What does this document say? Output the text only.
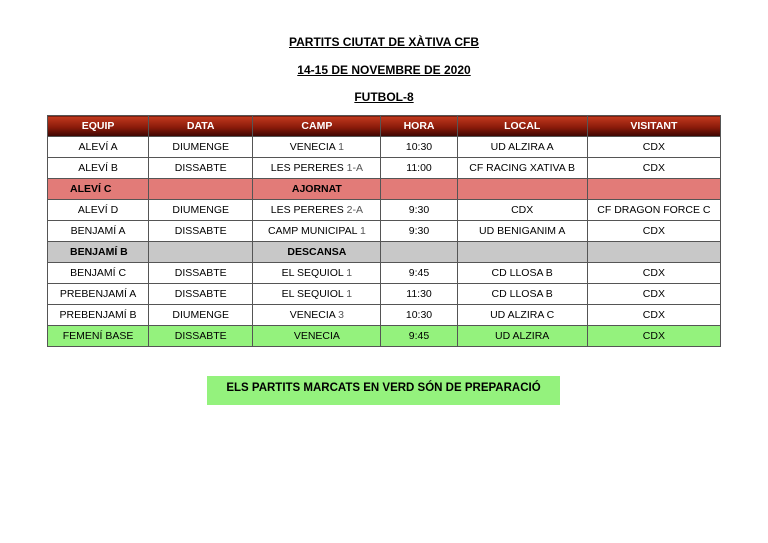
PARTITS CIUTAT DE XÀTIVA CFB
14-15 DE NOVEMBRE DE 2020
FUTBOL-8
EQUIP	DATA	CAMP	HORA	LOCAL	VISITANT
ALEVÍ A	DIUMENGE	VENECIA 1	10:30	UD ALZIRA A	CDX
ALEVÍ B	DISSABTE	LES PERERES 1-A	11:00	CF RACING XATIVA B	CDX
ALEVÍ C		AJORNAT			
ALEVÍ D	DIUMENGE	LES PERERES 2-A	9:30	CDX	CF DRAGON FORCE C
BENJAMÍ A	DISSABTE	CAMP MUNICIPAL 1	9:30	UD BENIGANIM A	CDX
BENJAMÍ B		DESCANSA			
BENJAMÍ C	DISSABTE	EL SEQUIOL 1	9:45	CD LLOSA B	CDX
PREBENJAMÍ A	DISSABTE	EL SEQUIOL 1	11:30	CD LLOSA B	CDX
PREBENJAMÍ B	DIUMENGE	VENECIA 3	10:30	UD ALZIRA C	CDX
FEMENÍ BASE	DISSABTE	VENECIA	9:45	UD ALZIRA	CDX
ELS PARTITS MARCATS EN VERD SÓN DE PREPARACIÓ
